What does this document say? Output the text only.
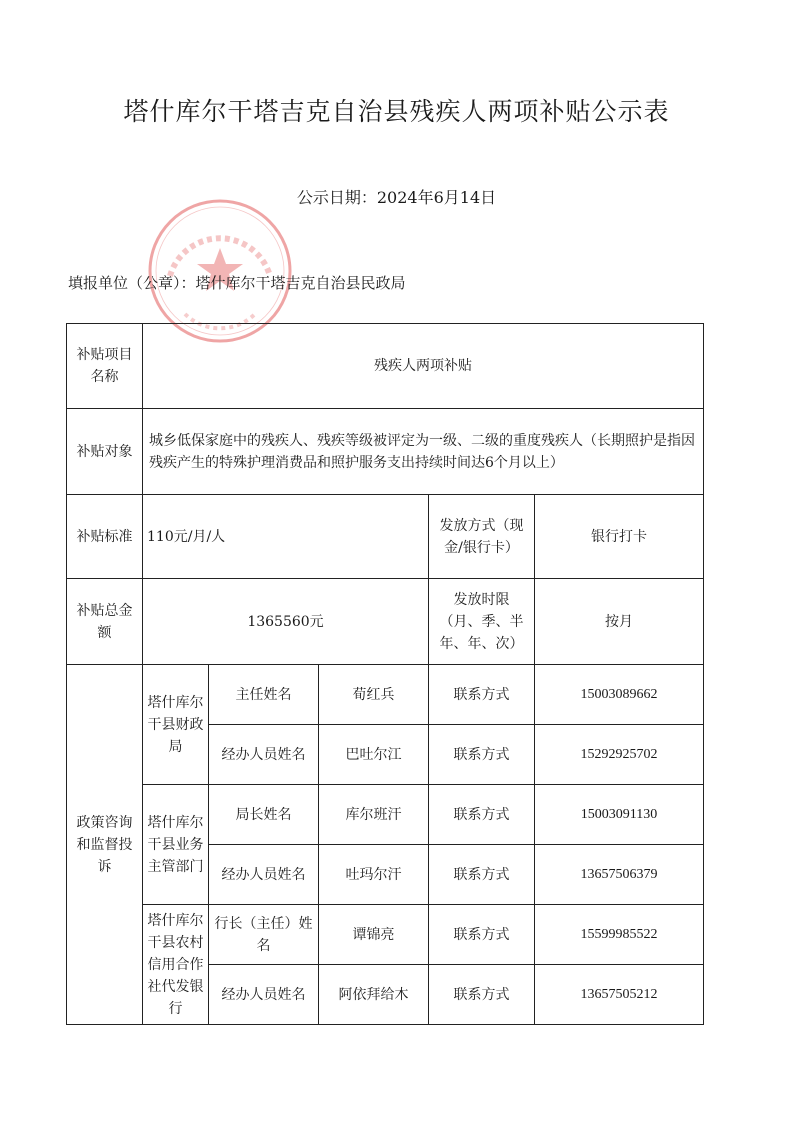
塔什库尔干塔吉克自治县残疾人两项补贴公示表
公示日期：2024年6月14日
填报单位（公章）：塔什库尔干塔吉克自治县民政局
补贴项目名称	残疾人两项补贴				
补贴对象	城乡低保家庭中的残疾人、残疾等级被评定为一级、二级的重度残疾人（长期照护是指因残疾产生的特殊护理消费品和照护服务支出持续时间达6个月以上）				
补贴标准	110元/月/人			发放方式（现金/银行卡）	银行打卡
补贴总金额	1365560元			发放时限（月、季、半年、年、次）	按月
政策咨询和监督投诉	塔什库尔干县财政局	主任姓名	荀红兵	联系方式	15003089662
		经办人员姓名	巴吐尔江	联系方式	15292925702
	塔什库尔干县业务主管部门	局长姓名	库尔班汗	联系方式	15003091130
		经办人员姓名	吐玛尔汗	联系方式	13657506379
	塔什库尔干县农村信用合作社代发银行	行长（主任）姓名	谭锦亮	联系方式	15599985522
		经办人员姓名	阿依拜给木	联系方式	13657505212
